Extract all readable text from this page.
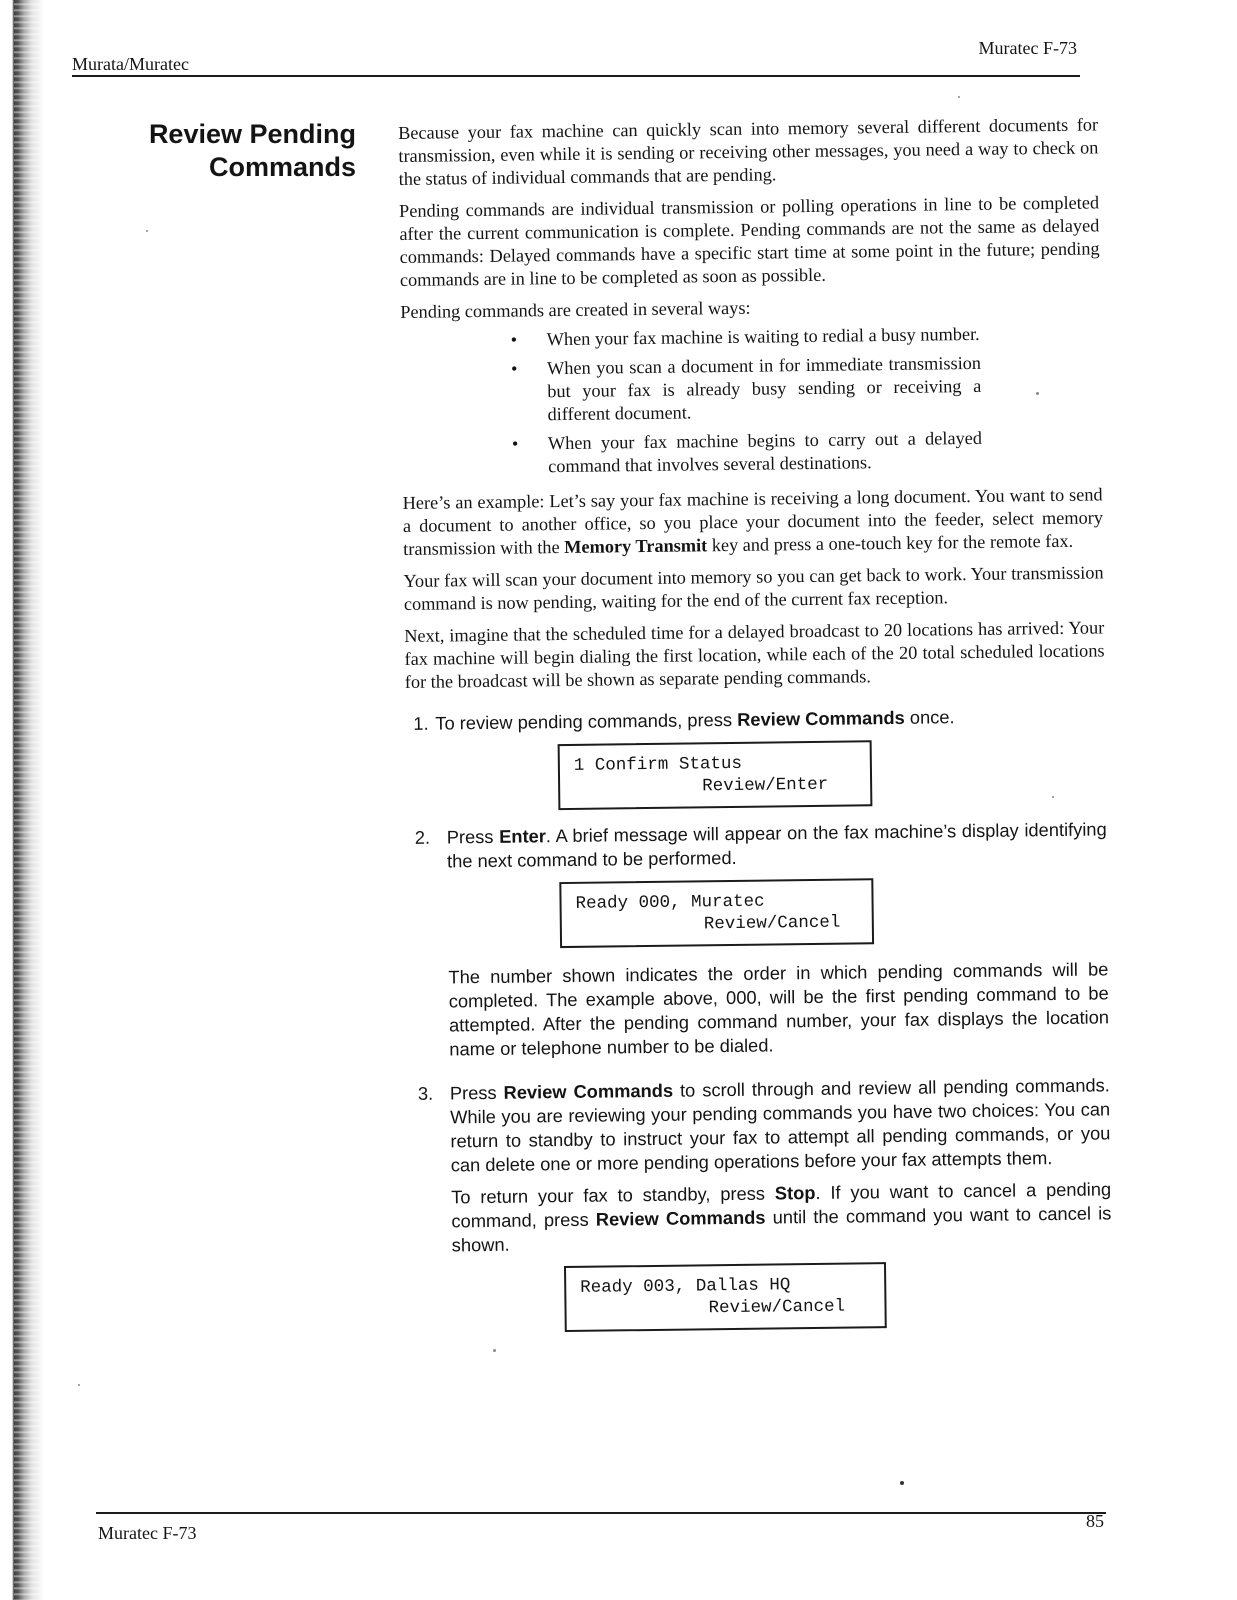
Murata/Muratec
Muratec F-73
Review Pending
Commands

Because your fax machine can quickly scan into memory several different documents for transmission, even while it is sending or receiving other messages, you need a way to check on the status of individual commands that are pending.

Pending commands are individual transmission or polling operations in line to be completed after the current communication is complete. Pending commands are not the same as delayed commands: Delayed commands have a specific start time at some point in the future; pending commands are in line to be completed as soon as possible.

Pending commands are created in several ways:

• When your fax machine is waiting to redial a busy number.
• When you scan a document in for immediate transmission but your fax is already busy sending or receiving a different document.
• When your fax machine begins to carry out a delayed command that involves several destinations.

Here’s an example: Let’s say your fax machine is receiving a long document. You want to send a document to another office, so you place your document into the feeder, select memory transmission with the Memory Transmit key and press a one-touch key for the remote fax.

Your fax will scan your document into memory so you can get back to work. Your transmission command is now pending, waiting for the end of the current fax reception.

Next, imagine that the scheduled time for a delayed broadcast to 20 locations has arrived: Your fax machine will begin dialing the first location, while each of the 20 total scheduled locations for the broadcast will be shown as separate pending commands.

1. To review pending commands, press Review Commands once.

1 Confirm Status
Review/Enter

2. Press Enter. A brief message will appear on the fax machine’s display identifying the next command to be performed.

Ready 000, Muratec
Review/Cancel

The number shown indicates the order in which pending commands will be completed. The example above, 000, will be the first pending command to be attempted. After the pending command number, your fax displays the location name or telephone number to be dialed.

3. Press Review Commands to scroll through and review all pending commands. While you are reviewing your pending commands you have two choices: You can return to standby to instruct your fax to attempt all pending commands, or you can delete one or more pending operations before your fax attempts them.

To return your fax to standby, press Stop. If you want to cancel a pending command, press Review Commands until the command you want to cancel is shown.

Ready 003, Dallas HQ
Review/Cancel
Muratec F-73
85
